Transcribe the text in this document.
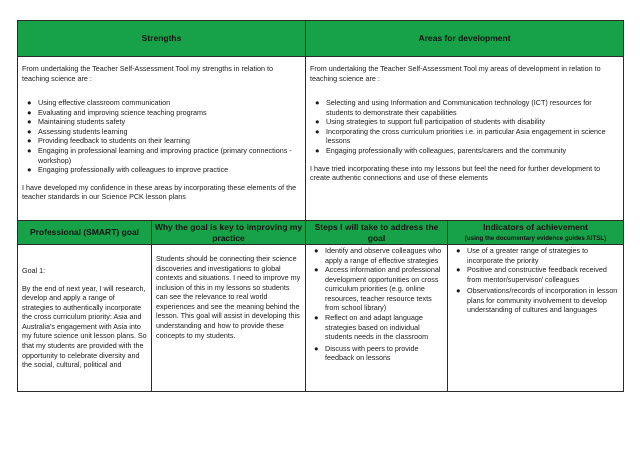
Strengths	Areas for development

From undertaking the Teacher Self-Assessment Tool my strengths in relation to teaching science are :

● Using effective classroom communication
● Evaluating and improving science teaching programs
● Maintaining students safety
● Assessing students learning
● Providing feedback to students on their learning
● Engaging in professional learning and improving practice (primary connections - workshop)
● Engaging professionally with colleagues to improve practice

I have developed my confidence in these areas by incorporating these elements of the teacher standards in our Science PCK lesson plans

From undertaking the Teacher Self-Assessment Tool my areas of development in relation to teaching science are :

● Selecting and using Information and Communication technology (ICT) resources for students to demonstrate their capabilities
● Using strategies to support full participation of students with disability
● Incorporating the cross curriculum priorities i.e. in particular Asia engagement in science lessons
● Engaging professionally with colleagues, parents/carers and the community

I have tried incorporating these into my lessons but feel the need for further development to create authentic connections and use of these elements

Professional (SMART) goal
Why the goal is key to improving my practice
Steps I will take to address the goal
Indicators of achievement
(using the documentary evidence guides AITSL)

Goal 1:

By the end of next year, I will research, develop and apply a range of strategies to authentically incorporate the cross curriculum priority: Asia and Australia's engagement with Asia into my future science unit lesson plans. So that my students are provided with the opportunity to celebrate diversity and the social, cultural, political and

Students should be connecting their science discoveries and investigations to global contexts and situations. I need to improve my inclusion of this in my lessons so students can see the relevance to real world experiences and see the meaning behind the lesson. This goal will assist in developing this understanding and how to provide these concepts to my students.

● Identify and observe colleagues who apply a range of effective strategies
● Access information and professional development opportunities on cross curriculum priorities (e.g. online resources, teacher resource texts from school library)
● Reflect on and adapt language strategies based on individual students needs in the classroom
● Discuss with peers to provide feedback on lessons
● Use of a greater range of strategies to incorporate the priority
● Positive and constructive feedback received from mentor/supervisor/ colleagues
● Observations/records of incorporation in lesson plans for community involvement to develop understanding of cultures and languages
